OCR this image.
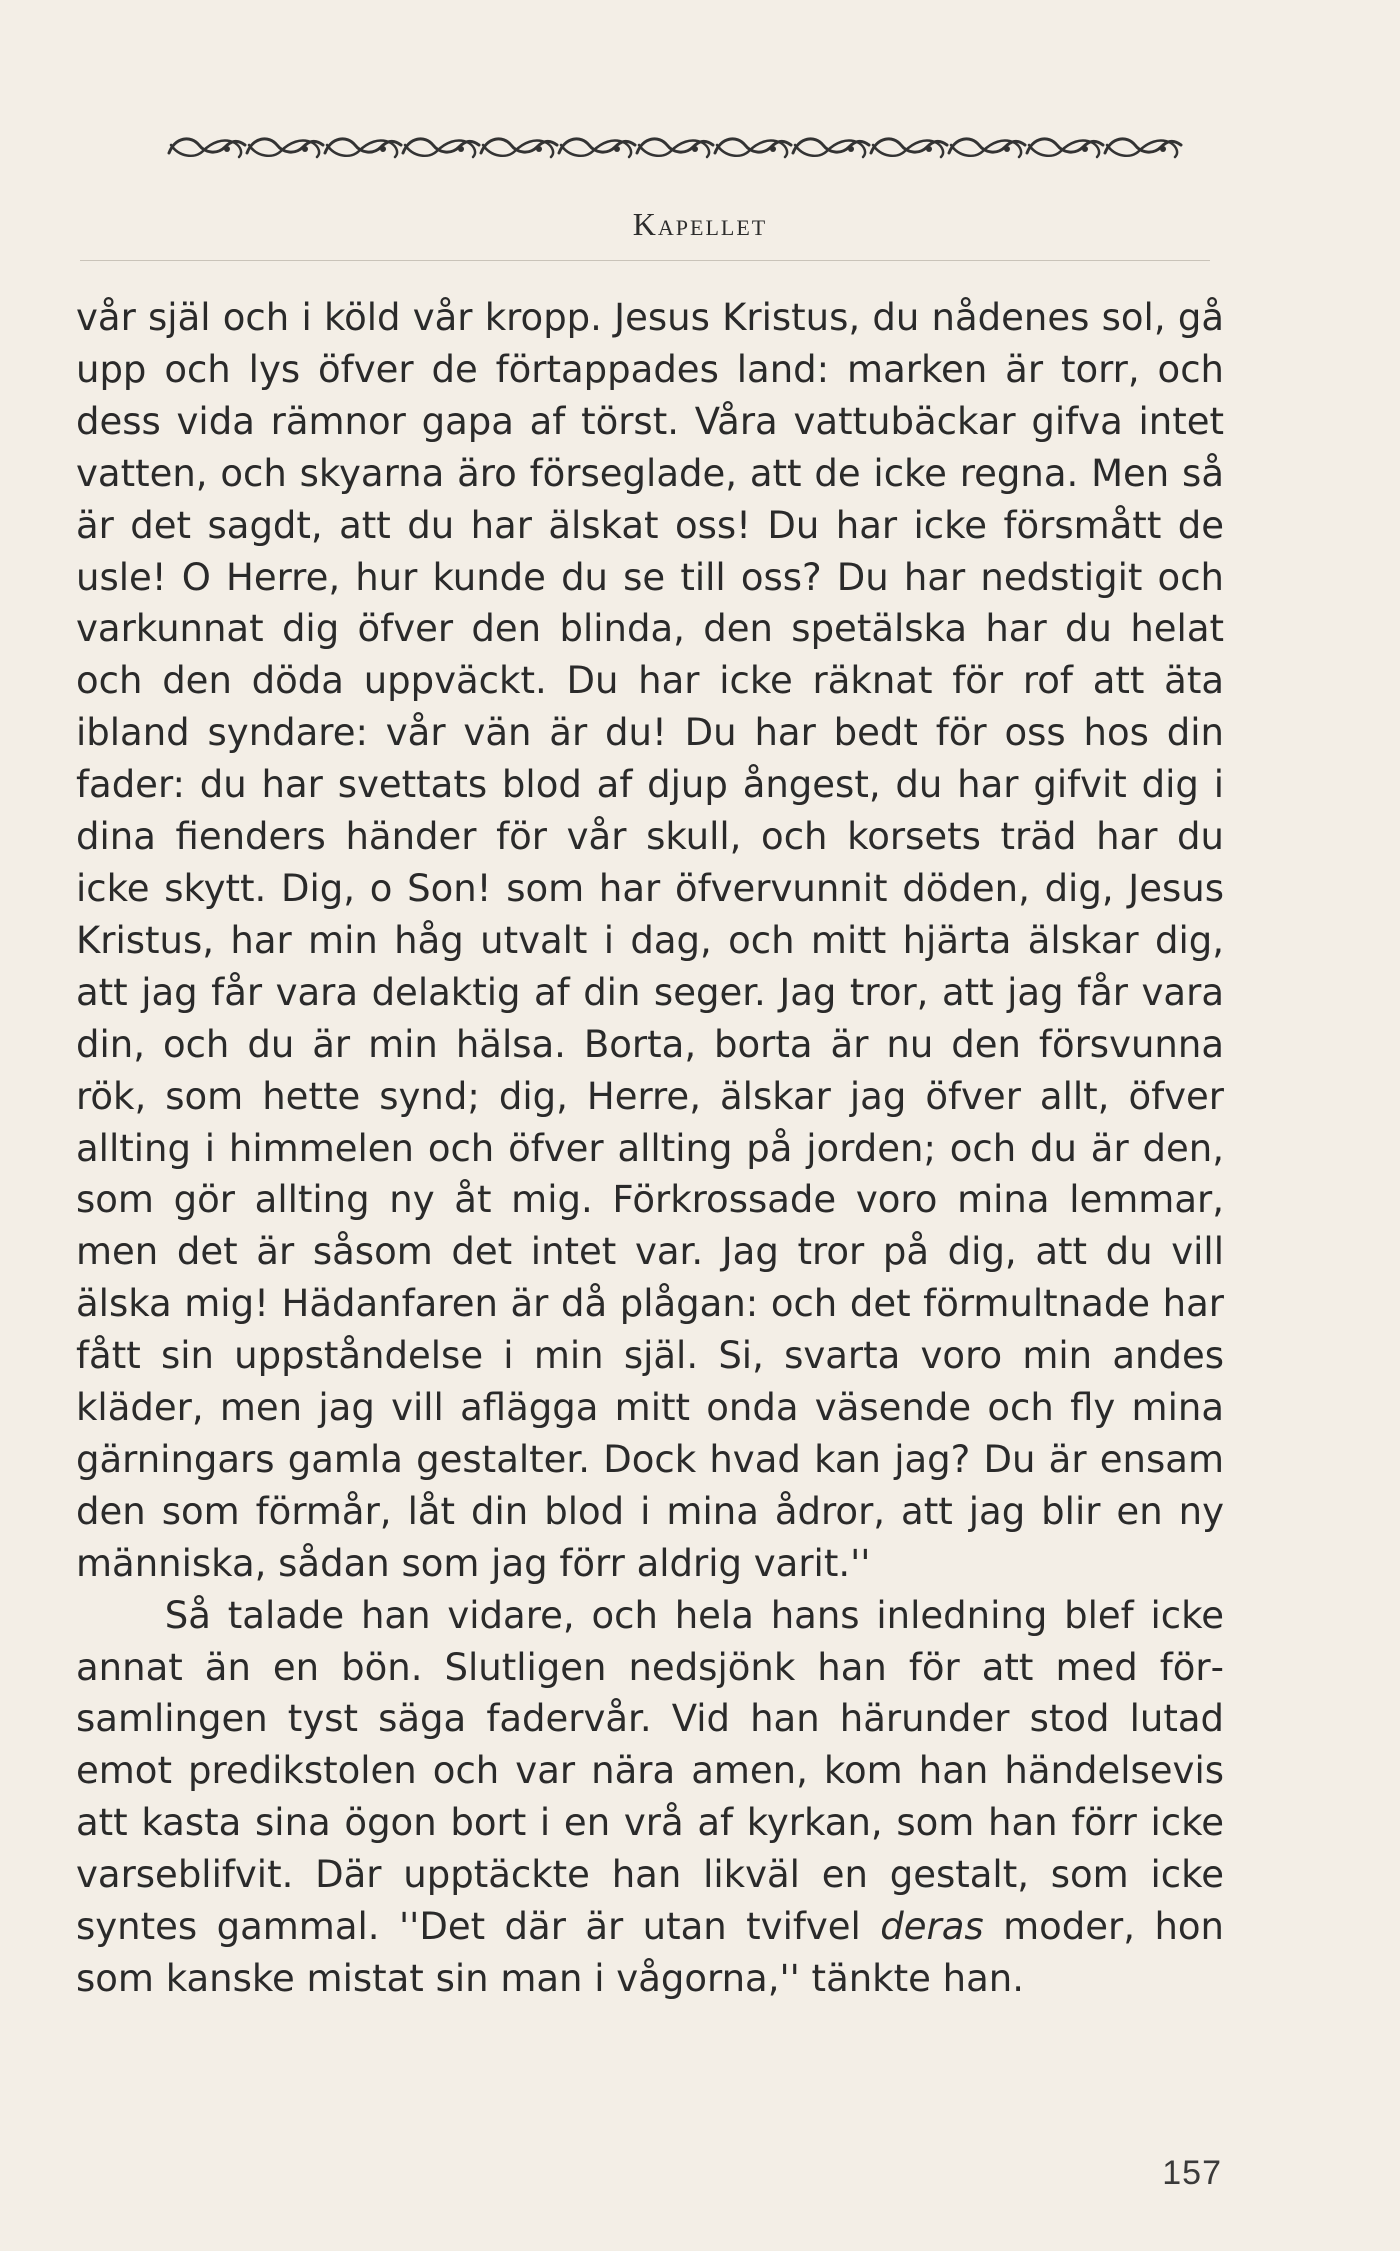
Kapellet

vår själ och i köld vår kropp. Jesus Kristus, du nådenes sol, gå upp och lys öfver de förtappades land: marken är torr, och dess vida rämnor gapa af törst. Våra vattubäckar gifva intet vatten, och skyarna äro förseglade, att de icke regna. Men så är det sagdt, att du har älskat oss! Du har icke försmått de usle! O Herre, hur kunde du se till oss? Du har nedstigit och varkunnat dig öfver den blinda, den spetälska har du helat och den döda uppväckt. Du har icke räknat för rof att äta ibland syndare: vår vän är du! Du har bedt för oss hos din fader: du har svettats blod af djup ångest, du har gifvit dig i dina fienders händer för vår skull, och korsets träd har du icke skytt. Dig, o Son! som har öfvervunnit döden, dig, Jesus Kristus, har min håg utvalt i dag, och mitt hjärta älskar dig, att jag får vara delaktig af din seger. Jag tror, att jag får vara din, och du är min hälsa. Borta, borta är nu den försvunna rök, som hette synd; dig, Herre, älskar jag öfver allt, öfver allting i himmelen och öfver allting på jorden; och du är den, som gör allting ny åt mig. Förkrossade voro mina lemmar, men det är såsom det intet var. Jag tror på dig, att du vill älska mig! Hädanfaren är då plågan: och det förmultnade har fått sin uppståndelse i min själ. Si, svarta voro min andes kläder, men jag vill aflägga mitt onda väsende och fly mina gärningars gamla gestalter. Dock hvad kan jag? Du är ensam den som förmår, låt din blod i mina ådror, att jag blir en ny människa, sådan som jag förr aldrig varit.''

Så talade han vidare, och hela hans inledning blef icke annat än en bön. Slutligen nedsjönk han för att med församlingen tyst säga fadervår. Vid han härunder stod lutad emot predikstolen och var nära amen, kom han händelsevis att kasta sina ögon bort i en vrå af kyrkan, som han förr icke varseblifvit. Där upptäckte han likväl en gestalt, som icke syntes gammal. ''Det där är utan tvifvel deras moder, hon som kanske mistat sin man i vågorna,'' tänkte han.

157
